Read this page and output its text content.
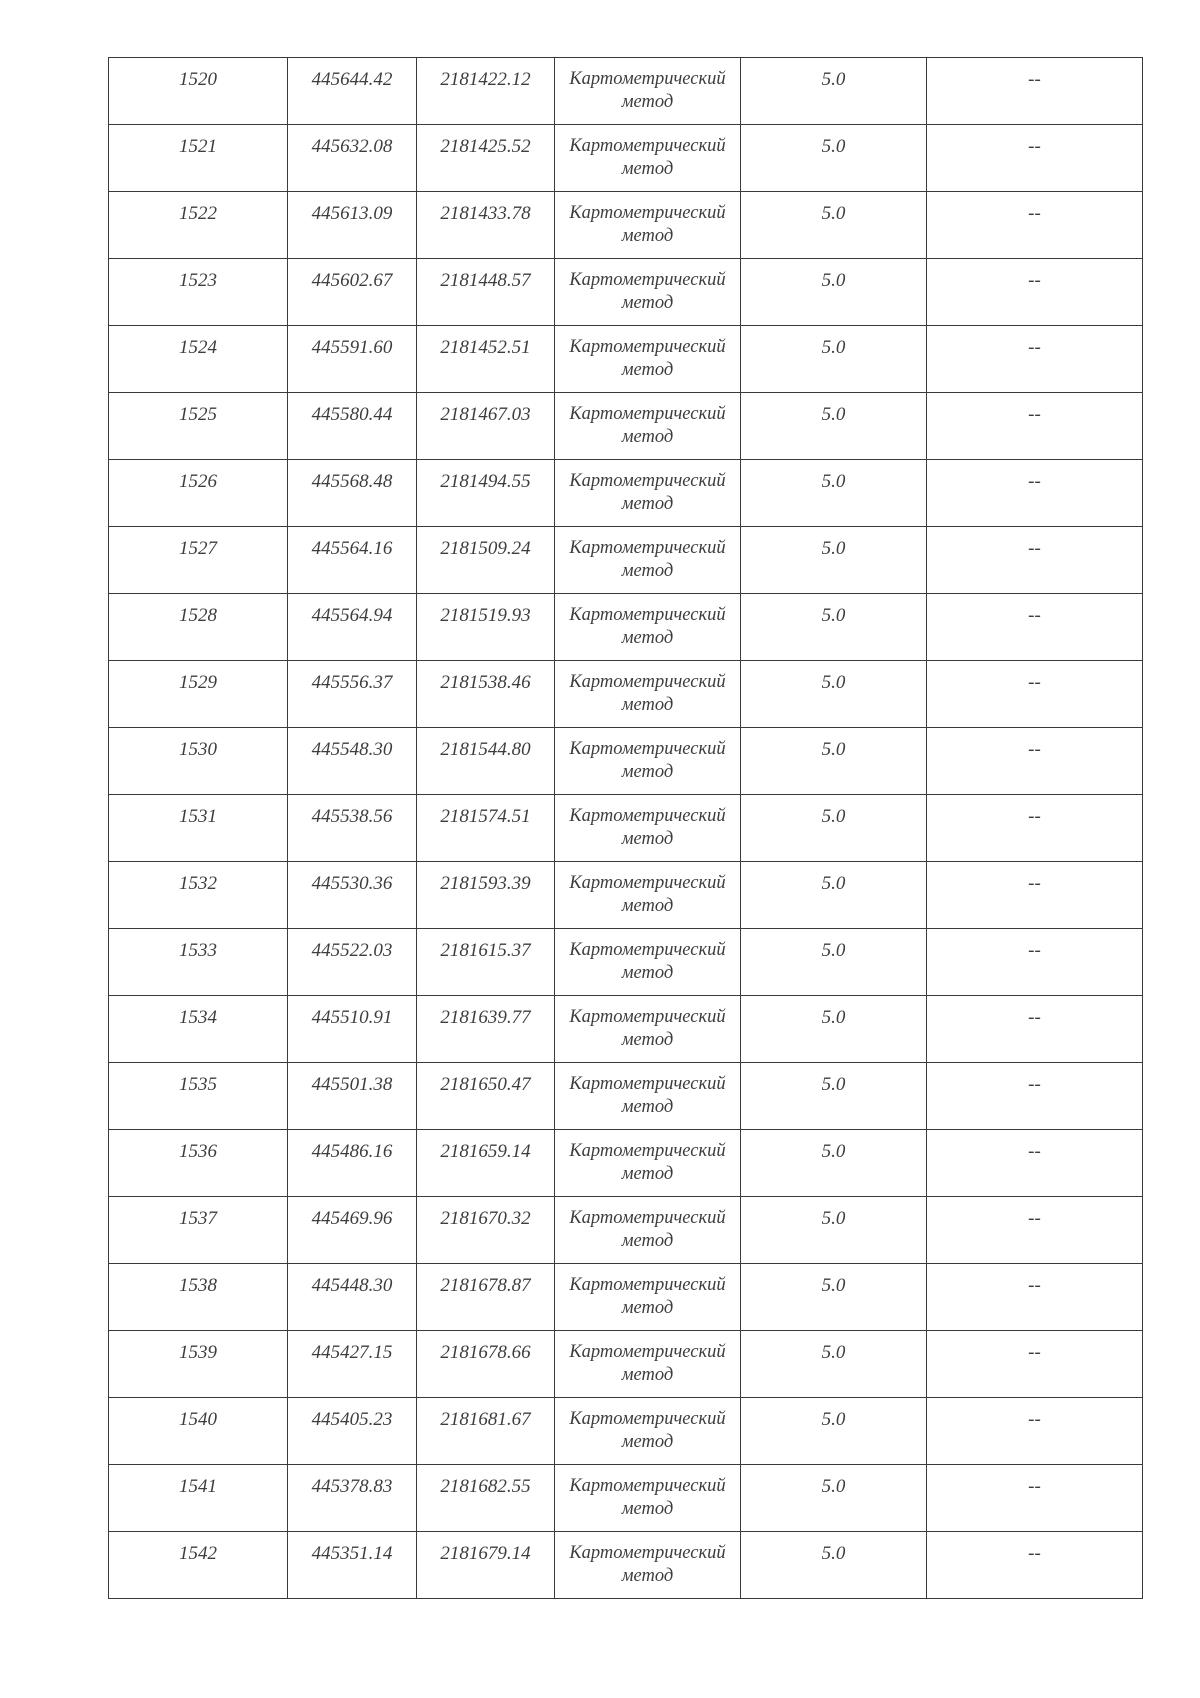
1520	445644.42	2181422.12	Картометрический метод	5.0	--

1521	445632.08	2181425.52	Картометрический метод	5.0	--

1522	445613.09	2181433.78	Картометрический метод	5.0	--

1523	445602.67	2181448.57	Картометрический метод	5.0	--

1524	445591.60	2181452.51	Картометрический метод	5.0	--

1525	445580.44	2181467.03	Картометрический метод	5.0	--

1526	445568.48	2181494.55	Картометрический метод	5.0	--

1527	445564.16	2181509.24	Картометрический метод	5.0	--

1528	445564.94	2181519.93	Картометрический метод	5.0	--

1529	445556.37	2181538.46	Картометрический метод	5.0	--

1530	445548.30	2181544.80	Картометрический метод	5.0	--

1531	445538.56	2181574.51	Картометрический метод	5.0	--

1532	445530.36	2181593.39	Картометрический метод	5.0	--

1533	445522.03	2181615.37	Картометрический метод	5.0	--

1534	445510.91	2181639.77	Картометрический метод	5.0	--

1535	445501.38	2181650.47	Картометрический метод	5.0	--

1536	445486.16	2181659.14	Картометрический метод	5.0	--

1537	445469.96	2181670.32	Картометрический метод	5.0	--

1538	445448.30	2181678.87	Картометрический метод	5.0	--

1539	445427.15	2181678.66	Картометрический метод	5.0	--

1540	445405.23	2181681.67	Картометрический метод	5.0	--

1541	445378.83	2181682.55	Картометрический метод	5.0	--

1542	445351.14	2181679.14	Картометрический метод	5.0	--
